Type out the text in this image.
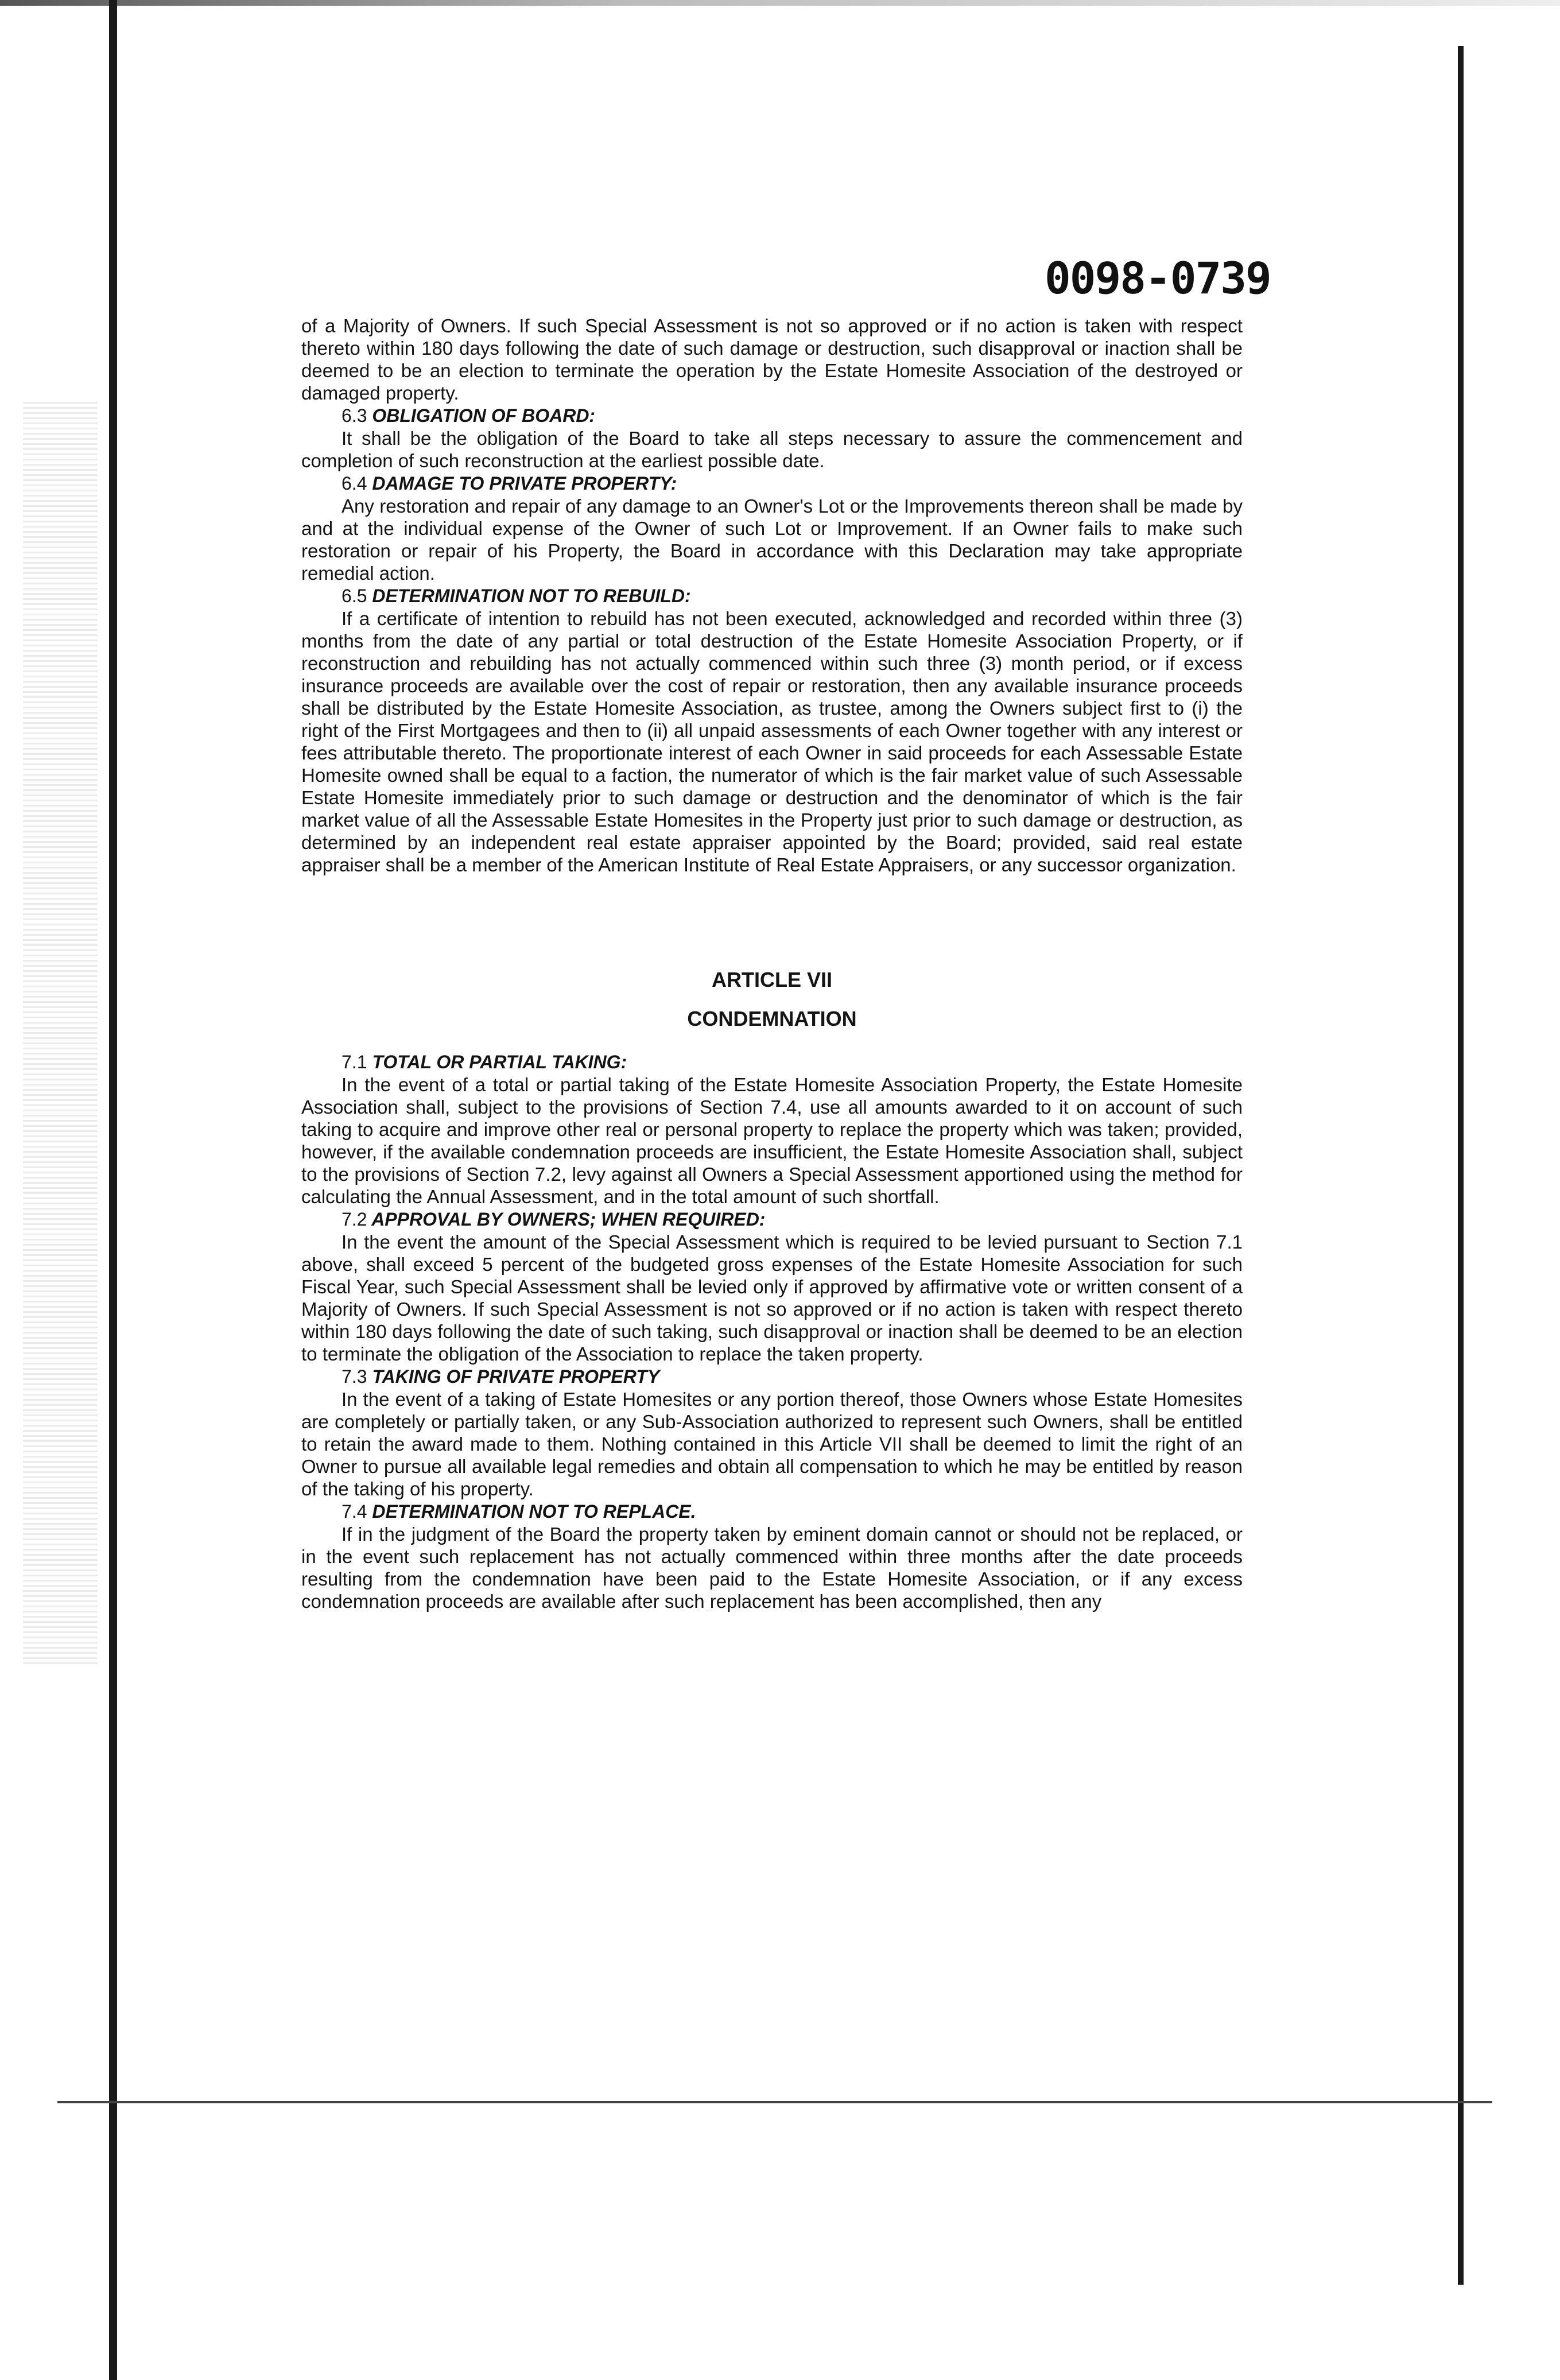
0098-0739

of a Majority of Owners. If such Special Assessment is not so approved or if no action is taken with respect thereto within 180 days following the date of such damage or destruction, such disapproval or inaction shall be deemed to be an election to terminate the operation by the Estate Homesite Association of the destroyed or damaged property.

6.3 OBLIGATION OF BOARD:

It shall be the obligation of the Board to take all steps necessary to assure the commencement and completion of such reconstruction at the earliest possible date.

6.4 DAMAGE TO PRIVATE PROPERTY:

Any restoration and repair of any damage to an Owner's Lot or the Improvements thereon shall be made by and at the individual expense of the Owner of such Lot or Improvement. If an Owner fails to make such restoration or repair of his Property, the Board in accordance with this Declaration may take appropriate remedial action.

6.5 DETERMINATION NOT TO REBUILD:

If a certificate of intention to rebuild has not been executed, acknowledged and recorded within three (3) months from the date of any partial or total destruction of the Estate Homesite Association Property, or if reconstruction and rebuilding has not actually commenced within such three (3) month period, or if excess insurance proceeds are available over the cost of repair or restoration, then any available insurance proceeds shall be distributed by the Estate Homesite Association, as trustee, among the Owners subject first to (i) the right of the First Mortgagees and then to (ii) all unpaid assessments of each Owner together with any interest or fees attributable thereto. The proportionate interest of each Owner in said proceeds for each Assessable Estate Homesite owned shall be equal to a faction, the numerator of which is the fair market value of such Assessable Estate Homesite immediately prior to such damage or destruction and the denominator of which is the fair market value of all the Assessable Estate Homesites in the Property just prior to such damage or destruction, as determined by an independent real estate appraiser appointed by the Board; provided, said real estate appraiser shall be a member of the American Institute of Real Estate Appraisers, or any successor organization.

ARTICLE VII
CONDEMNATION

7.1 TOTAL OR PARTIAL TAKING:

In the event of a total or partial taking of the Estate Homesite Association Property, the Estate Homesite Association shall, subject to the provisions of Section 7.4, use all amounts awarded to it on account of such taking to acquire and improve other real or personal property to replace the property which was taken; provided, however, if the available condemnation proceeds are insufficient, the Estate Homesite Association shall, subject to the provisions of Section 7.2, levy against all Owners a Special Assessment apportioned using the method for calculating the Annual Assessment, and in the total amount of such shortfall.

7.2 APPROVAL BY OWNERS; WHEN REQUIRED:

In the event the amount of the Special Assessment which is required to be levied pursuant to Section 7.1 above, shall exceed 5 percent of the budgeted gross expenses of the Estate Homesite Association for such Fiscal Year, such Special Assessment shall be levied only if approved by affirmative vote or written consent of a Majority of Owners. If such Special Assessment is not so approved or if no action is taken with respect thereto within 180 days following the date of such taking, such disapproval or inaction shall be deemed to be an election to terminate the obligation of the Association to replace the taken property.

7.3 TAKING OF PRIVATE PROPERTY

In the event of a taking of Estate Homesites or any portion thereof, those Owners whose Estate Homesites are completely or partially taken, or any Sub-Association authorized to represent such Owners, shall be entitled to retain the award made to them. Nothing contained in this Article VII shall be deemed to limit the right of an Owner to pursue all available legal remedies and obtain all compensation to which he may be entitled by reason of the taking of his property.

7.4 DETERMINATION NOT TO REPLACE.

If in the judgment of the Board the property taken by eminent domain cannot or should not be replaced, or in the event such replacement has not actually commenced within three months after the date proceeds resulting from the condemnation have been paid to the Estate Homesite Association, or if any excess condemnation proceeds are available after such replacement has been accomplished, then any
